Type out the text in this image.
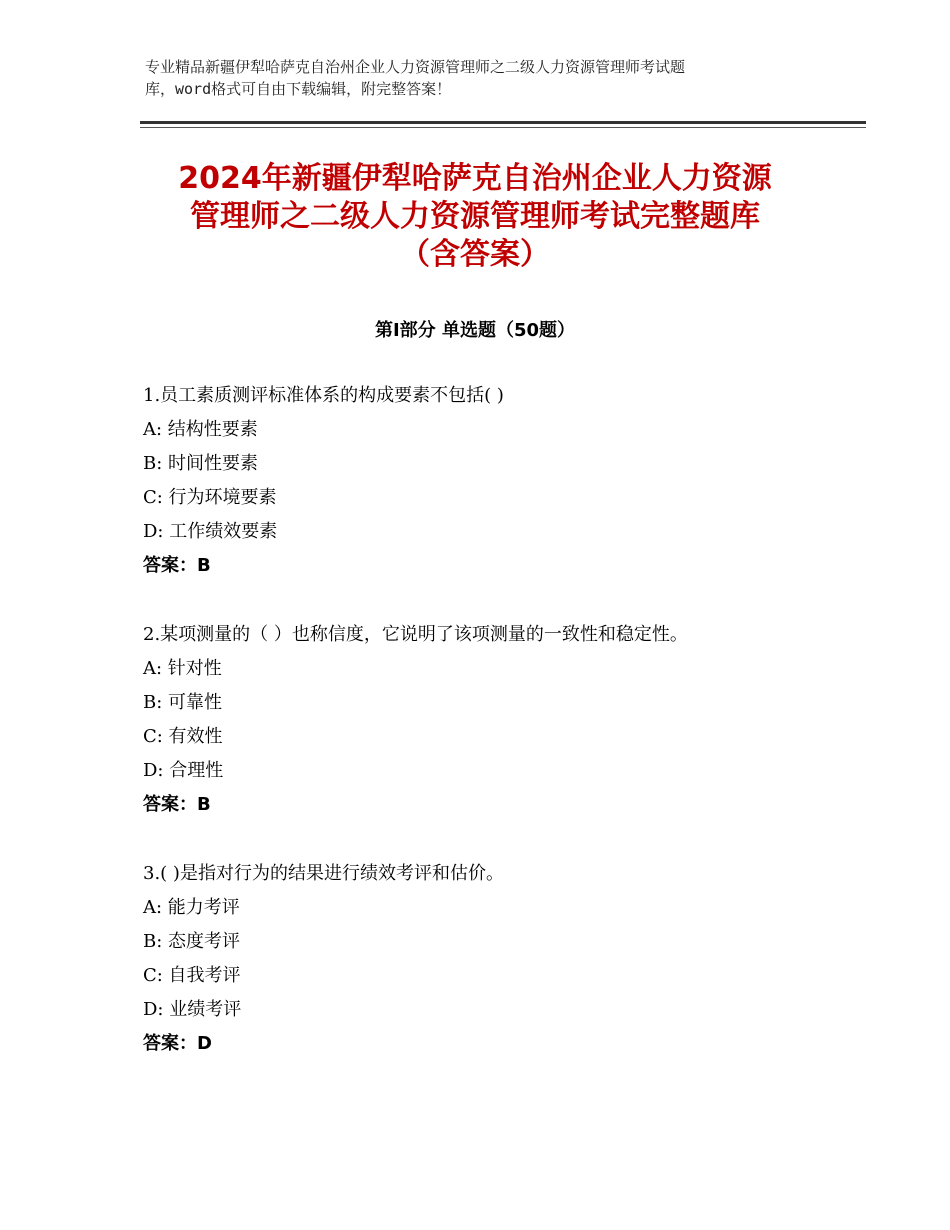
专业精品新疆伊犁哈萨克自治州企业人力资源管理师之二级人力资源管理师考试题
库，word格式可自由下载编辑，附完整答案！
2024年新疆伊犁哈萨克自治州企业人力资源
管理师之二级人力资源管理师考试完整题库
（含答案）
第Ⅰ部分 单选题（50题）
1.员工素质测评标准体系的构成要素不包括( )
A: 结构性要素
B: 时间性要素
C: 行为环境要素
D: 工作绩效要素
答案：B
2.某项测量的（ ）也称信度，它说明了该项测量的一致性和稳定性。
A: 针对性
B: 可靠性
C: 有效性
D: 合理性
答案：B
3.( )是指对行为的结果进行绩效考评和估价。
A: 能力考评
B: 态度考评
C: 自我考评
D: 业绩考评
答案：D
